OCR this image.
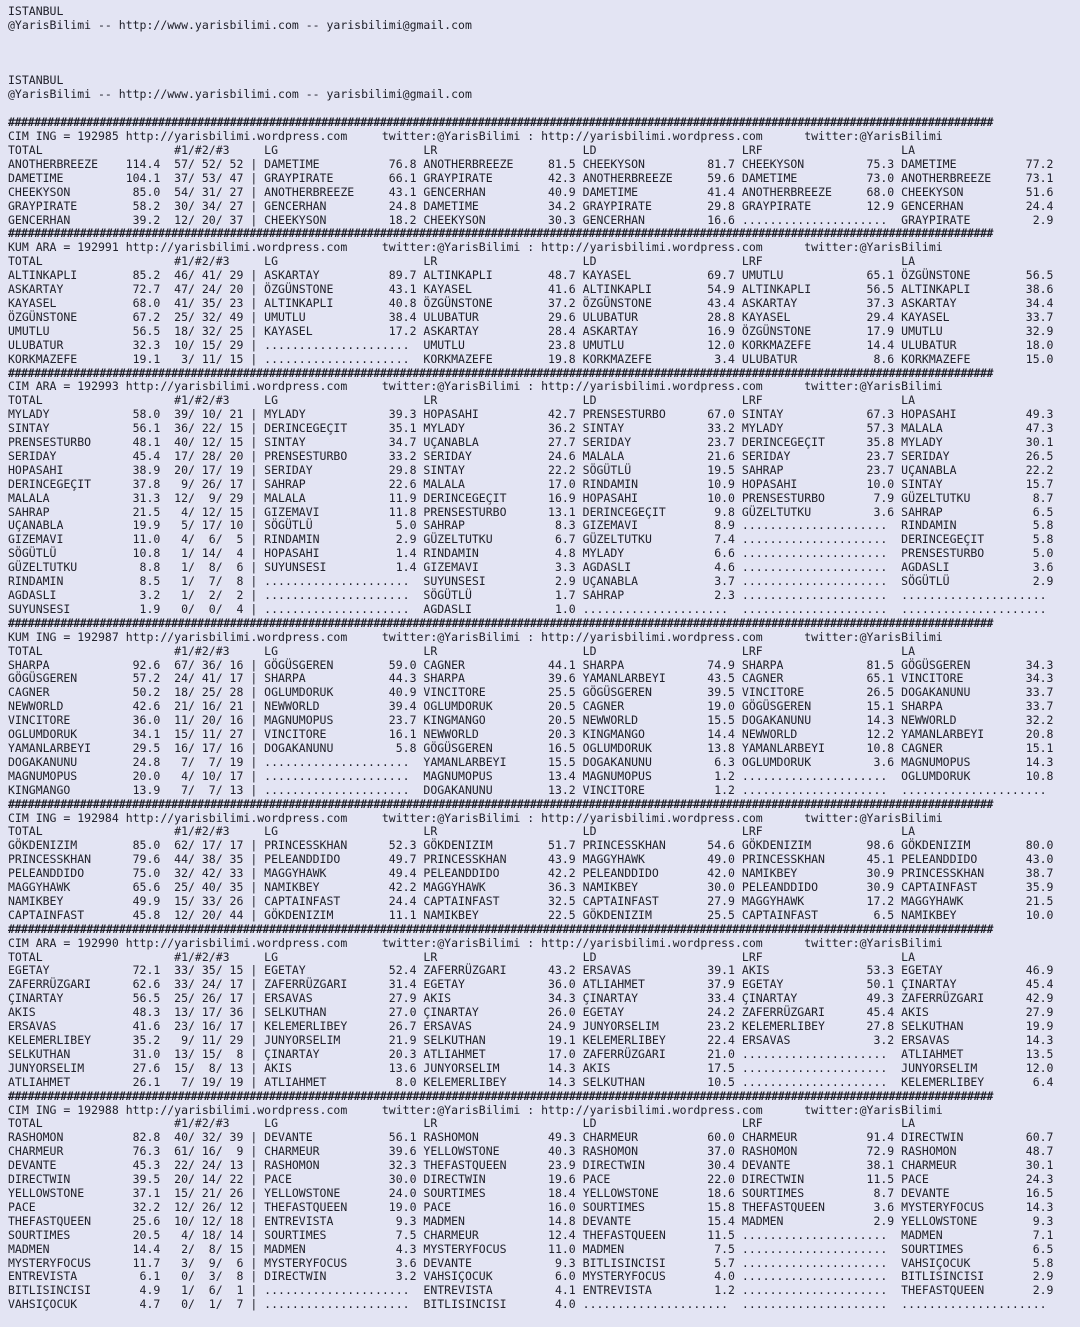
ISTANBUL
@YarisBilimi -- http://www.yarisbilimi.com -- yarisbilimi@gmail.com
ISTANBUL
@YarisBilimi -- http://www.yarisbilimi.com -- yarisbilimi@gmail.com
#######################################################################################################################################################
CIM ING = 192985 http://yarisbilimi.wordpress.com     twitter:@YarisBilimi : http://yarisbilimi.wordpress.com      twitter:@YarisBilimi
TOTAL                   #1/#2/#3     LG                     LR                     LD                     LRF                    LA
ANOTHERBREEZE    114.4  57/ 52/ 52 | DAMETIME          76.8 ANOTHERBREEZE     81.5 CHEEKYSON         81.7 CHEEKYSON         75.3 DAMETIME          77.2
DAMETIME         104.1  37/ 53/ 47 | GRAYPIRATE        66.1 GRAYPIRATE        42.3 ANOTHERBREEZE     59.6 DAMETIME          73.0 ANOTHERBREEZE     73.1
CHEEKYSON         85.0  54/ 31/ 27 | ANOTHERBREEZE     43.1 GENCERHAN         40.9 DAMETIME          41.4 ANOTHERBREEZE     68.0 CHEEKYSON         51.6
GRAYPIRATE        58.2  30/ 34/ 27 | GENCERHAN         24.8 DAMETIME          34.2 GRAYPIRATE        29.8 GRAYPIRATE        12.9 GENCERHAN         24.4
GENCERHAN         39.2  12/ 20/ 37 | CHEEKYSON         18.2 CHEEKYSON         30.3 GENCERHAN         16.6 .....................  GRAYPIRATE         2.9
#######################################################################################################################################################
KUM ARA = 192991 http://yarisbilimi.wordpress.com     twitter:@YarisBilimi : http://yarisbilimi.wordpress.com      twitter:@YarisBilimi
TOTAL                   #1/#2/#3     LG                     LR                     LD                     LRF                    LA
ALTINKAPLI        85.2  46/ 41/ 29 | ASKARTAY          89.7 ALTINKAPLI        48.7 KAYASEL           69.7 UMUTLU            65.1 ÖZGÜNSTONE        56.5
ASKARTAY          72.7  47/ 24/ 20 | ÖZGÜNSTONE        43.1 KAYASEL           41.6 ALTINKAPLI        54.9 ALTINKAPLI        56.5 ALTINKAPLI        38.6
KAYASEL           68.0  41/ 35/ 23 | ALTINKAPLI        40.8 ÖZGÜNSTONE        37.2 ÖZGÜNSTONE        43.4 ASKARTAY          37.3 ASKARTAY          34.4
ÖZGÜNSTONE        67.2  25/ 32/ 49 | UMUTLU            38.4 ULUBATUR          29.6 ULUBATUR          28.8 KAYASEL           29.4 KAYASEL           33.7
UMUTLU            56.5  18/ 32/ 25 | KAYASEL           17.2 ASKARTAY          28.4 ASKARTAY          16.9 ÖZGÜNSTONE        17.9 UMUTLU            32.9
ULUBATUR          32.3  10/ 15/ 29 | .....................  UMUTLU            23.8 UMUTLU            12.0 KORKMAZEFE        14.4 ULUBATUR          18.0
KORKMAZEFE        19.1   3/ 11/ 15 | .....................  KORKMAZEFE        19.8 KORKMAZEFE         3.4 ULUBATUR           8.6 KORKMAZEFE        15.0
#######################################################################################################################################################
CIM ARA = 192993 http://yarisbilimi.wordpress.com     twitter:@YarisBilimi : http://yarisbilimi.wordpress.com      twitter:@YarisBilimi
TOTAL                   #1/#2/#3     LG                     LR                     LD                     LRF                    LA
MYLADY            58.0  39/ 10/ 21 | MYLADY            39.3 HOPASAHI          42.7 PRENSESTURBO      67.0 SINTAY            67.3 HOPASAHI          49.3
SINTAY            56.1  36/ 22/ 15 | DERINCEGEÇIT      35.1 MYLADY            36.2 SINTAY            33.2 MYLADY            57.3 MALALA            47.3
PRENSESTURBO      48.1  40/ 12/ 15 | SINTAY            34.7 UÇANABLA          27.7 SERIDAY           23.7 DERINCEGEÇIT      35.8 MYLADY            30.1
SERIDAY           45.4  17/ 28/ 20 | PRENSESTURBO      33.2 SERIDAY           24.6 MALALA            21.6 SERIDAY           23.7 SERIDAY           26.5
HOPASAHI          38.9  20/ 17/ 19 | SERIDAY           29.8 SINTAY            22.2 SÖGÜTLÜ           19.5 SAHRAP            23.7 UÇANABLA          22.2
DERINCEGEÇIT      37.8   9/ 26/ 17 | SAHRAP            22.6 MALALA            17.0 RINDAMIN          10.9 HOPASAHI          10.0 SINTAY            15.7
MALALA            31.3  12/  9/ 29 | MALALA            11.9 DERINCEGEÇIT      16.9 HOPASAHI          10.0 PRENSESTURBO       7.9 GÜZELTUTKU         8.7
SAHRAP            21.5   4/ 12/ 15 | GIZEMAVI          11.8 PRENSESTURBO      13.1 DERINCEGEÇIT       9.8 GÜZELTUTKU         3.6 SAHRAP             6.5
UÇANABLA          19.9   5/ 17/ 10 | SÖGÜTLÜ            5.0 SAHRAP             8.3 GIZEMAVI           8.9 .....................  RINDAMIN           5.8
GIZEMAVI          11.0   4/  6/  5 | RINDAMIN           2.9 GÜZELTUTKU         6.7 GÜZELTUTKU         7.4 .....................  DERINCEGEÇIT       5.8
SÖGÜTLÜ           10.8   1/ 14/  4 | HOPASAHI           1.4 RINDAMIN           4.8 MYLADY             6.6 .....................  PRENSESTURBO       5.0
GÜZELTUTKU         8.8   1/  8/  6 | SUYUNSESI          1.4 GIZEMAVI           3.3 AGDASLI            4.6 .....................  AGDASLI            3.6
RINDAMIN           8.5   1/  7/  8 | .....................  SUYUNSESI          2.9 UÇANABLA           3.7 .....................  SÖGÜTLÜ            2.9
AGDASLI            3.2   1/  2/  2 | .....................  SÖGÜTLÜ            1.7 SAHRAP             2.3 .....................  .....................
SUYUNSESI          1.9   0/  0/  4 | .....................  AGDASLI            1.0 .....................  .....................  .....................
#######################################################################################################################################################
KUM ING = 192987 http://yarisbilimi.wordpress.com     twitter:@YarisBilimi : http://yarisbilimi.wordpress.com      twitter:@YarisBilimi
TOTAL                   #1/#2/#3     LG                     LR                     LD                     LRF                    LA
SHARPA            92.6  67/ 36/ 16 | GÖGÜSGEREN        59.0 CAGNER            44.1 SHARPA            74.9 SHARPA            81.5 GÖGÜSGEREN        34.3
GÖGÜSGEREN        57.2  24/ 41/ 17 | SHARPA            44.3 SHARPA            39.6 YAMANLARBEYI      43.5 CAGNER            65.1 VINCITORE         34.3
CAGNER            50.2  18/ 25/ 28 | OGLUMDORUK        40.9 VINCITORE         25.5 GÖGÜSGEREN        39.5 VINCITORE         26.5 DOGAKANUNU        33.7
NEWWORLD          42.6  21/ 16/ 21 | NEWWORLD          39.4 OGLUMDORUK        20.5 CAGNER            19.0 GÖGÜSGEREN        15.1 SHARPA            33.7
VINCITORE         36.0  11/ 20/ 16 | MAGNUMOPUS        23.7 KINGMANGO         20.5 NEWWORLD          15.5 DOGAKANUNU        14.3 NEWWORLD          32.2
OGLUMDORUK        34.1  15/ 11/ 27 | VINCITORE         16.1 NEWWORLD          20.3 KINGMANGO         14.4 NEWWORLD          12.2 YAMANLARBEYI      20.8
YAMANLARBEYI      29.5  16/ 17/ 16 | DOGAKANUNU         5.8 GÖGÜSGEREN        16.5 OGLUMDORUK        13.8 YAMANLARBEYI      10.8 CAGNER            15.1
DOGAKANUNU        24.8   7/  7/ 19 | .....................  YAMANLARBEYI      15.5 DOGAKANUNU         6.3 OGLUMDORUK         3.6 MAGNUMOPUS        14.3
MAGNUMOPUS        20.0   4/ 10/ 17 | .....................  MAGNUMOPUS        13.4 MAGNUMOPUS         1.2 .....................  OGLUMDORUK        10.8
KINGMANGO         13.9   7/  7/ 13 | .....................  DOGAKANUNU        13.2 VINCITORE          1.2 .....................  .....................
#######################################################################################################################################################
CIM ING = 192984 http://yarisbilimi.wordpress.com     twitter:@YarisBilimi : http://yarisbilimi.wordpress.com      twitter:@YarisBilimi
TOTAL                   #1/#2/#3     LG                     LR                     LD                     LRF                    LA
GÖKDENIZIM        85.0  62/ 17/ 17 | PRINCESSKHAN      52.3 GÖKDENIZIM        51.7 PRINCESSKHAN      54.6 GÖKDENIZIM        98.6 GÖKDENIZIM        80.0
PRINCESSKHAN      79.6  44/ 38/ 35 | PELEANDDIDO       49.7 PRINCESSKHAN      43.9 MAGGYHAWK         49.0 PRINCESSKHAN      45.1 PELEANDDIDO       43.0
PELEANDDIDO       75.0  32/ 42/ 33 | MAGGYHAWK         49.4 PELEANDDIDO       42.2 PELEANDDIDO       42.0 NAMIKBEY          30.9 PRINCESSKHAN      38.7
MAGGYHAWK         65.6  25/ 40/ 35 | NAMIKBEY          42.2 MAGGYHAWK         36.3 NAMIKBEY          30.0 PELEANDDIDO       30.9 CAPTAINFAST       35.9
NAMIKBEY          49.9  15/ 33/ 26 | CAPTAINFAST       24.4 CAPTAINFAST       32.5 CAPTAINFAST       27.9 MAGGYHAWK         17.2 MAGGYHAWK         21.5
CAPTAINFAST       45.8  12/ 20/ 44 | GÖKDENIZIM        11.1 NAMIKBEY          22.5 GÖKDENIZIM        25.5 CAPTAINFAST        6.5 NAMIKBEY          10.0
#######################################################################################################################################################
CIM ARA = 192990 http://yarisbilimi.wordpress.com     twitter:@YarisBilimi : http://yarisbilimi.wordpress.com      twitter:@YarisBilimi
TOTAL                   #1/#2/#3     LG                     LR                     LD                     LRF                    LA
EGETAY            72.1  33/ 35/ 15 | EGETAY            52.4 ZAFERRÜZGARI      43.2 ERSAVAS           39.1 AKIS              53.3 EGETAY            46.9
ZAFERRÜZGARI      62.6  33/ 24/ 17 | ZAFERRÜZGARI      31.4 EGETAY            36.0 ATLIAHMET         37.9 EGETAY            50.1 ÇINARTAY          45.4
ÇINARTAY          56.5  25/ 26/ 17 | ERSAVAS           27.9 AKIS              34.3 ÇINARTAY          33.4 ÇINARTAY          49.3 ZAFERRÜZGARI      42.9
AKIS              48.3  13/ 17/ 36 | SELKUTHAN         27.0 ÇINARTAY          26.0 EGETAY            24.2 ZAFERRÜZGARI      45.4 AKIS              27.9
ERSAVAS           41.6  23/ 16/ 17 | KELEMERLIBEY      26.7 ERSAVAS           24.9 JUNYORSELIM       23.2 KELEMERLIBEY      27.8 SELKUTHAN         19.9
KELEMERLIBEY      35.2   9/ 11/ 29 | JUNYORSELIM       21.9 SELKUTHAN         19.1 KELEMERLIBEY      22.4 ERSAVAS            3.2 ERSAVAS           14.3
SELKUTHAN         31.0  13/ 15/  8 | ÇINARTAY          20.3 ATLIAHMET         17.0 ZAFERRÜZGARI      21.0 .....................  ATLIAHMET         13.5
JUNYORSELIM       27.6  15/  8/ 13 | AKIS              13.6 JUNYORSELIM       14.3 AKIS              17.5 .....................  JUNYORSELIM       12.0
ATLIAHMET         26.1   7/ 19/ 19 | ATLIAHMET          8.0 KELEMERLIBEY      14.3 SELKUTHAN         10.5 .....................  KELEMERLIBEY       6.4
#######################################################################################################################################################
CIM ING = 192988 http://yarisbilimi.wordpress.com     twitter:@YarisBilimi : http://yarisbilimi.wordpress.com      twitter:@YarisBilimi
TOTAL                   #1/#2/#3     LG                     LR                     LD                     LRF                    LA
RASHOMON          82.8  40/ 32/ 39 | DEVANTE           56.1 RASHOMON          49.3 CHARMEUR          60.0 CHARMEUR          91.4 DIRECTWIN         60.7
CHARMEUR          76.3  61/ 16/  9 | CHARMEUR          39.6 YELLOWSTONE       40.3 RASHOMON          37.0 RASHOMON          72.9 RASHOMON          48.7
DEVANTE           45.3  22/ 24/ 13 | RASHOMON          32.3 THEFASTQUEEN      23.9 DIRECTWIN         30.4 DEVANTE           38.1 CHARMEUR          30.1
DIRECTWIN         39.5  20/ 14/ 22 | PACE              30.0 DIRECTWIN         19.6 PACE              22.0 DIRECTWIN         11.5 PACE              24.3
YELLOWSTONE       37.1  15/ 21/ 26 | YELLOWSTONE       24.0 SOURTIMES         18.4 YELLOWSTONE       18.6 SOURTIMES          8.7 DEVANTE           16.5
PACE              32.2  12/ 26/ 12 | THEFASTQUEEN      19.0 PACE              16.0 SOURTIMES         15.8 THEFASTQUEEN       3.6 MYSTERYFOCUS      14.3
THEFASTQUEEN      25.6  10/ 12/ 18 | ENTREVISTA         9.3 MADMEN            14.8 DEVANTE           15.4 MADMEN             2.9 YELLOWSTONE        9.3
SOURTIMES         20.5   4/ 18/ 14 | SOURTIMES          7.5 CHARMEUR          12.4 THEFASTQUEEN      11.5 .....................  MADMEN             7.1
MADMEN            14.4   2/  8/ 15 | MADMEN             4.3 MYSTERYFOCUS      11.0 MADMEN             7.5 .....................  SOURTIMES          6.5
MYSTERYFOCUS      11.7   3/  9/  6 | MYSTERYFOCUS       3.6 DEVANTE            9.3 BITLISINCISI       5.7 .....................  VAHSIÇOCUK         5.8
ENTREVISTA         6.1   0/  3/  8 | DIRECTWIN          3.2 VAHSIÇOCUK         6.0 MYSTERYFOCUS       4.0 .....................  BITLISINCISI       2.9
BITLISINCISI       4.9   1/  6/  1 | .....................  ENTREVISTA         4.1 ENTREVISTA         1.2 .....................  THEFASTQUEEN       2.9
VAHSIÇOCUK         4.7   0/  1/  7 | .....................  BITLISINCISI       4.0 .....................  .....................  .....................
